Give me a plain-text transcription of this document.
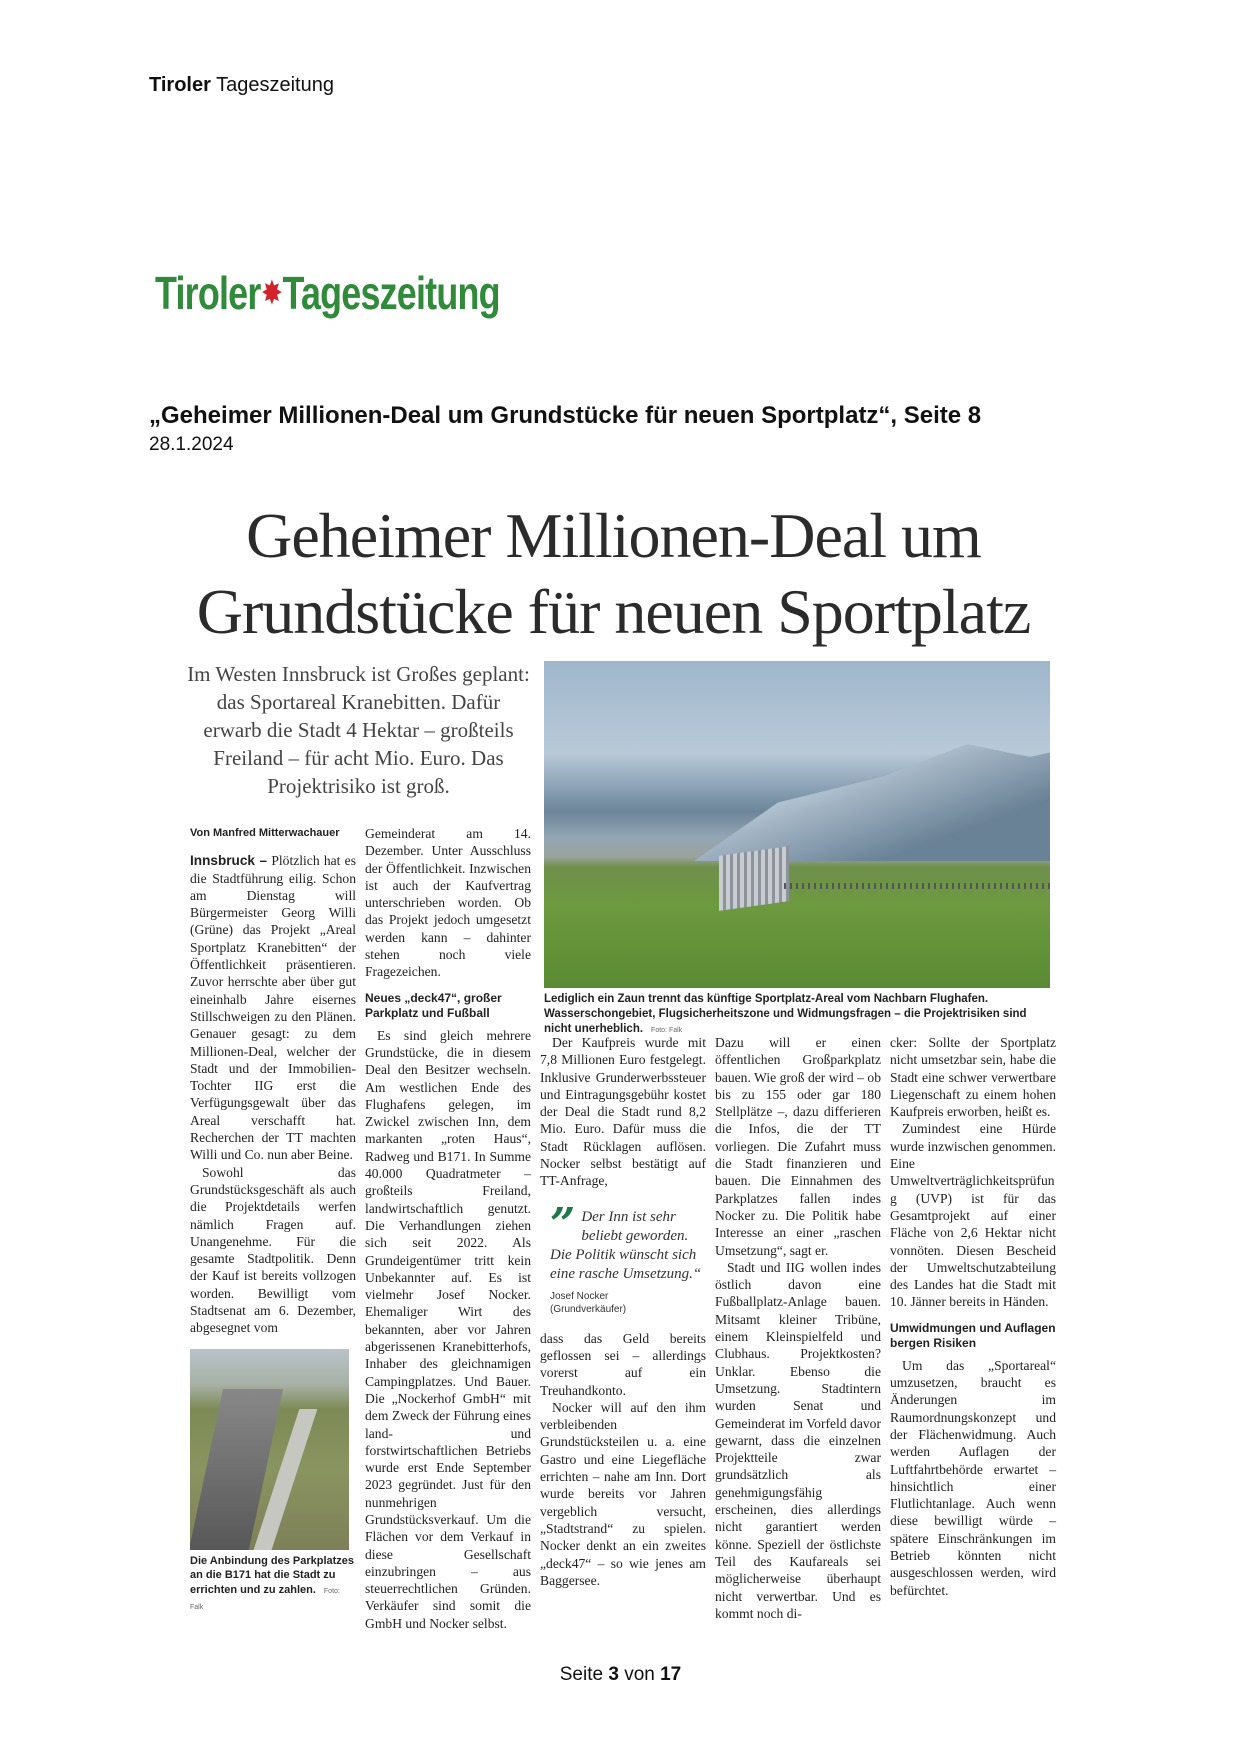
Tiroler Tageszeitung
Tiroler✸Tageszeitung
„Geheimer Millionen-Deal um Grundstücke für neuen Sportplatz“, Seite 8
28.1.2024
Geheimer Millionen-Deal um Grundstücke für neuen Sportplatz
Im Westen Innsbruck ist Großes geplant: das Sportareal Kranebitten. Dafür erwarb die Stadt 4 Hektar – großteils Freiland – für acht Mio. Euro. Das Projektrisiko ist groß.
Lediglich ein Zaun trennt das künftige Sportplatz-Areal vom Nachbarn Flughafen. Wasserschongebiet, Flugsicherheitszone und Widmungsfragen – die Projektrisiken sind nicht unerheblich. Foto: Falk
Von Manfred Mitterwachauer

Innsbruck – Plötzlich hat es die Stadtführung eilig. Schon am Dienstag will Bürgermeister Georg Willi (Grüne) das Projekt „Areal Sportplatz Kranebitten“ der Öffentlichkeit präsentieren. Zuvor herrschte aber über gut eineinhalb Jahre eisernes Stillschweigen zu den Plänen. Genauer gesagt: zu dem Millionen-Deal, welcher der Stadt und der Immobilien-Tochter IIG erst die Verfügungsgewalt über das Areal verschafft hat. Recherchen der TT machten Willi und Co. nun aber Beine.

Sowohl das Grundstücksgeschäft als auch die Projektdetails werfen nämlich Fragen auf. Unangenehme. Für die gesamte Stadtpolitik. Denn der Kauf ist bereits vollzogen worden. Bewilligt vom Stadtsenat am 6. Dezember, abgesegnet vom

Die Anbindung des Parkplatzes an die B171 hat die Stadt zu errichten und zu zahlen. Foto: Falk

Gemeinderat am 14. Dezember. Unter Ausschluss der Öffentlichkeit. Inzwischen ist auch der Kaufvertrag unterschrieben worden. Ob das Projekt jedoch umgesetzt werden kann – dahinter stehen noch viele Fragezeichen.

Neues „deck47“, großer Parkplatz und Fußball

Es sind gleich mehrere Grundstücke, die in diesem Deal den Besitzer wechseln. Am westlichen Ende des Flughafens gelegen, im Zwickel zwischen Inn, dem markanten „roten Haus“, Radweg und B171. In Summe 40.000 Quadratmeter – großteils Freiland, landwirtschaftlich genutzt. Die Verhandlungen ziehen sich seit 2022. Als Grundeigentümer tritt kein Unbekannter auf. Es ist vielmehr Josef Nocker. Ehemaliger Wirt des bekannten, aber vor Jahren abgerissenen Kranebitterhofs, Inhaber des gleichnamigen Campingplatzes. Und Bauer. Die „Nockerhof GmbH“ mit dem Zweck der Führung eines land- und forstwirtschaftlichen Betriebs wurde erst Ende September 2023 gegründet. Just für den nunmehrigen Grundstücksverkauf. Um die Flächen vor dem Verkauf in diese Gesellschaft einzubringen – aus steuerrechtlichen Gründen. Verkäufer sind somit die GmbH und Nocker selbst.

Der Kaufpreis wurde mit 7,8 Millionen Euro festgelegt. Inklusive Grunderwerbssteuer und Eintragungsgebühr kostet der Deal die Stadt rund 8,2 Mio. Euro. Dafür muss die Stadt Rücklagen auflösen. Nocker selbst bestätigt auf TT-Anfrage,

” Der Inn ist sehr beliebt geworden. Die Politik wünscht sich eine rasche Umsetzung.“
Josef Nocker
(Grundverkäufer)

dass das Geld bereits geflossen sei – allerdings vorerst auf ein Treuhandkonto.

Nocker will auf den ihm verbleibenden Grundstücksteilen u. a. eine Gastro und eine Liegefläche errichten – nahe am Inn. Dort wurde bereits vor Jahren vergeblich versucht, „Stadtstrand“ zu spielen. Nocker denkt an ein zweites „deck47“ – so wie jenes am Baggersee.

Dazu will er einen öffentlichen Großparkplatz bauen. Wie groß der wird – ob bis zu 155 oder gar 180 Stellplätze –, dazu differieren die Infos, die der TT vorliegen. Die Zufahrt muss die Stadt finanzieren und bauen. Die Einnahmen des Parkplatzes fallen indes Nocker zu. Die Politik habe Interesse an einer „raschen Umsetzung“, sagt er.

Stadt und IIG wollen indes östlich davon eine Fußballplatz-Anlage bauen. Mitsamt kleiner Tribüne, einem Kleinspielfeld und Clubhaus. Projektkosten? Unklar. Ebenso die Umsetzung. Stadtintern wurden Senat und Gemeinderat im Vorfeld davor gewarnt, dass die einzelnen Projektteile zwar grundsätzlich als genehmigungsfähig erscheinen, dies allerdings nicht garantiert werden könne. Speziell der östlichste Teil des Kaufareals sei möglicherweise überhaupt nicht verwertbar. Und es kommt noch di-

cker: Sollte der Sportplatz nicht umsetzbar sein, habe die Stadt eine schwer verwertbare Liegenschaft zu einem hohen Kaufpreis erworben, heißt es.

Zumindest eine Hürde wurde inzwischen genommen. Eine Umweltverträglichkeitsprüfung (UVP) ist für das Gesamtprojekt auf einer Fläche von 2,6 Hektar nicht vonnöten. Diesen Bescheid der Umweltschutzabteilung des Landes hat die Stadt mit 10. Jänner bereits in Händen.

Umwidmungen und Auflagen bergen Risiken

Um das „Sportareal“ umzusetzen, braucht es Änderungen im Raumordnungskonzept und der Flächenwidmung. Auch werden Auflagen der Luftfahrtbehörde erwartet – hinsichtlich einer Flutlichtanlage. Auch wenn diese bewilligt würde – spätere Einschränkungen im Betrieb könnten nicht ausgeschlossen werden, wird befürchtet.

Seite 3 von 17
